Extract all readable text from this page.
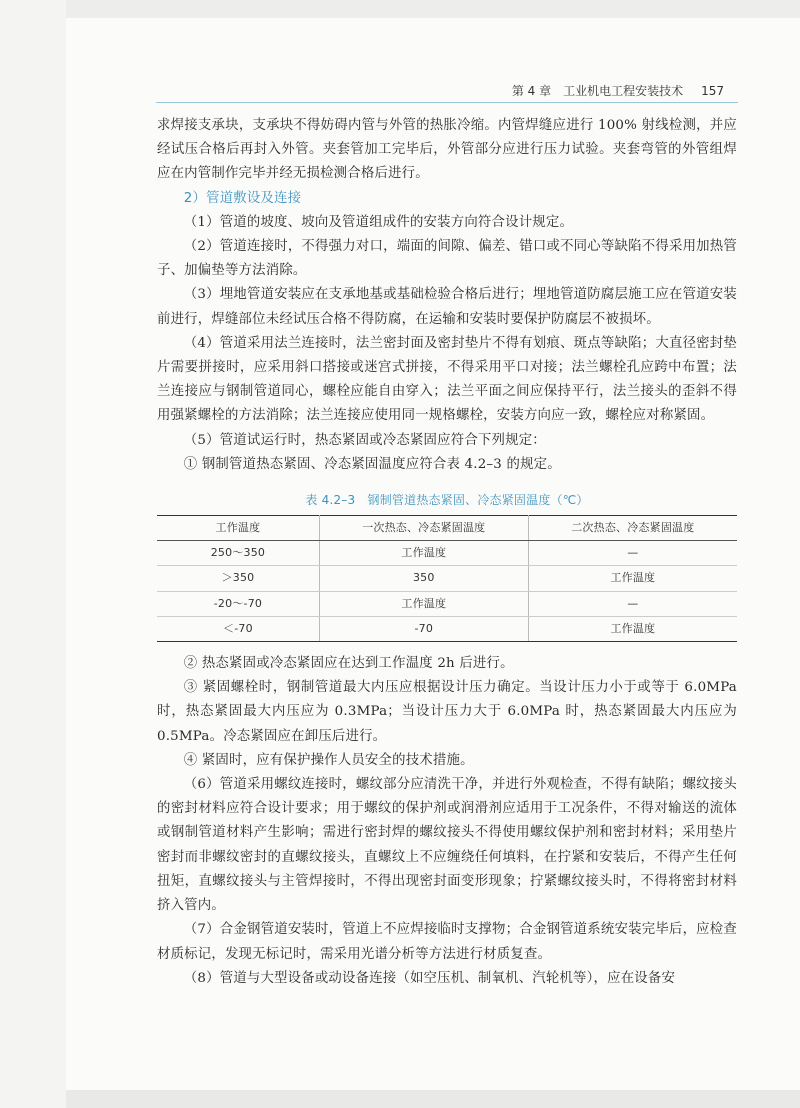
第 4 章 工业机电工程安装技术 157

求焊接支承块，支承块不得妨碍内管与外管的热胀冷缩。内管焊缝应进行 100% 射线检测，并应经试压合格后再封入外管。夹套管加工完毕后，外管部分应进行压力试验。夹套弯管的外管组焊应在内管制作完毕并经无损检测合格后进行。

2）管道敷设及连接

（1）管道的坡度、坡向及管道组成件的安装方向符合设计规定。

（2）管道连接时，不得强力对口，端面的间隙、偏差、错口或不同心等缺陷不得采用加热管子、加偏垫等方法消除。

（3）埋地管道安装应在支承地基或基础检验合格后进行；埋地管道防腐层施工应在管道安装前进行，焊缝部位未经试压合格不得防腐，在运输和安装时要保护防腐层不被损坏。

（4）管道采用法兰连接时，法兰密封面及密封垫片不得有划痕、斑点等缺陷；大直径密封垫片需要拼接时，应采用斜口搭接或迷宫式拼接，不得采用平口对接；法兰螺栓孔应跨中布置；法兰连接应与钢制管道同心，螺栓应能自由穿入；法兰平面之间应保持平行，法兰接头的歪斜不得用强紧螺栓的方法消除；法兰连接应使用同一规格螺栓，安装方向应一致，螺栓应对称紧固。

（5）管道试运行时，热态紧固或冷态紧固应符合下列规定：

① 钢制管道热态紧固、冷态紧固温度应符合表 4.2–3 的规定。

表 4.2–3　钢制管道热态紧固、冷态紧固温度（℃）
工作温度	一次热态、冷态紧固温度	二次热态、冷态紧固温度
250～350	工作温度	—
＞350	350	工作温度
-20～-70	工作温度	—
＜-70	-70	工作温度

② 热态紧固或冷态紧固应在达到工作温度 2h 后进行。

③ 紧固螺栓时，钢制管道最大内压应根据设计压力确定。当设计压力小于或等于 6.0MPa 时，热态紧固最大内压应为 0.3MPa；当设计压力大于 6.0MPa 时，热态紧固最大内压应为 0.5MPa。冷态紧固应在卸压后进行。

④ 紧固时，应有保护操作人员安全的技术措施。

（6）管道采用螺纹连接时，螺纹部分应清洗干净，并进行外观检查，不得有缺陷；螺纹接头的密封材料应符合设计要求；用于螺纹的保护剂或润滑剂应适用于工况条件，不得对输送的流体或钢制管道材料产生影响；需进行密封焊的螺纹接头不得使用螺纹保护剂和密封材料；采用垫片密封而非螺纹密封的直螺纹接头，直螺纹上不应缠绕任何填料，在拧紧和安装后，不得产生任何扭矩，直螺纹接头与主管焊接时，不得出现密封面变形现象；拧紧螺纹接头时，不得将密封材料挤入管内。

（7）合金钢管道安装时，管道上不应焊接临时支撑物；合金钢管道系统安装完毕后，应检查材质标记，发现无标记时，需采用光谱分析等方法进行材质复查。

（8）管道与大型设备或动设备连接（如空压机、制氧机、汽轮机等），应在设备安
